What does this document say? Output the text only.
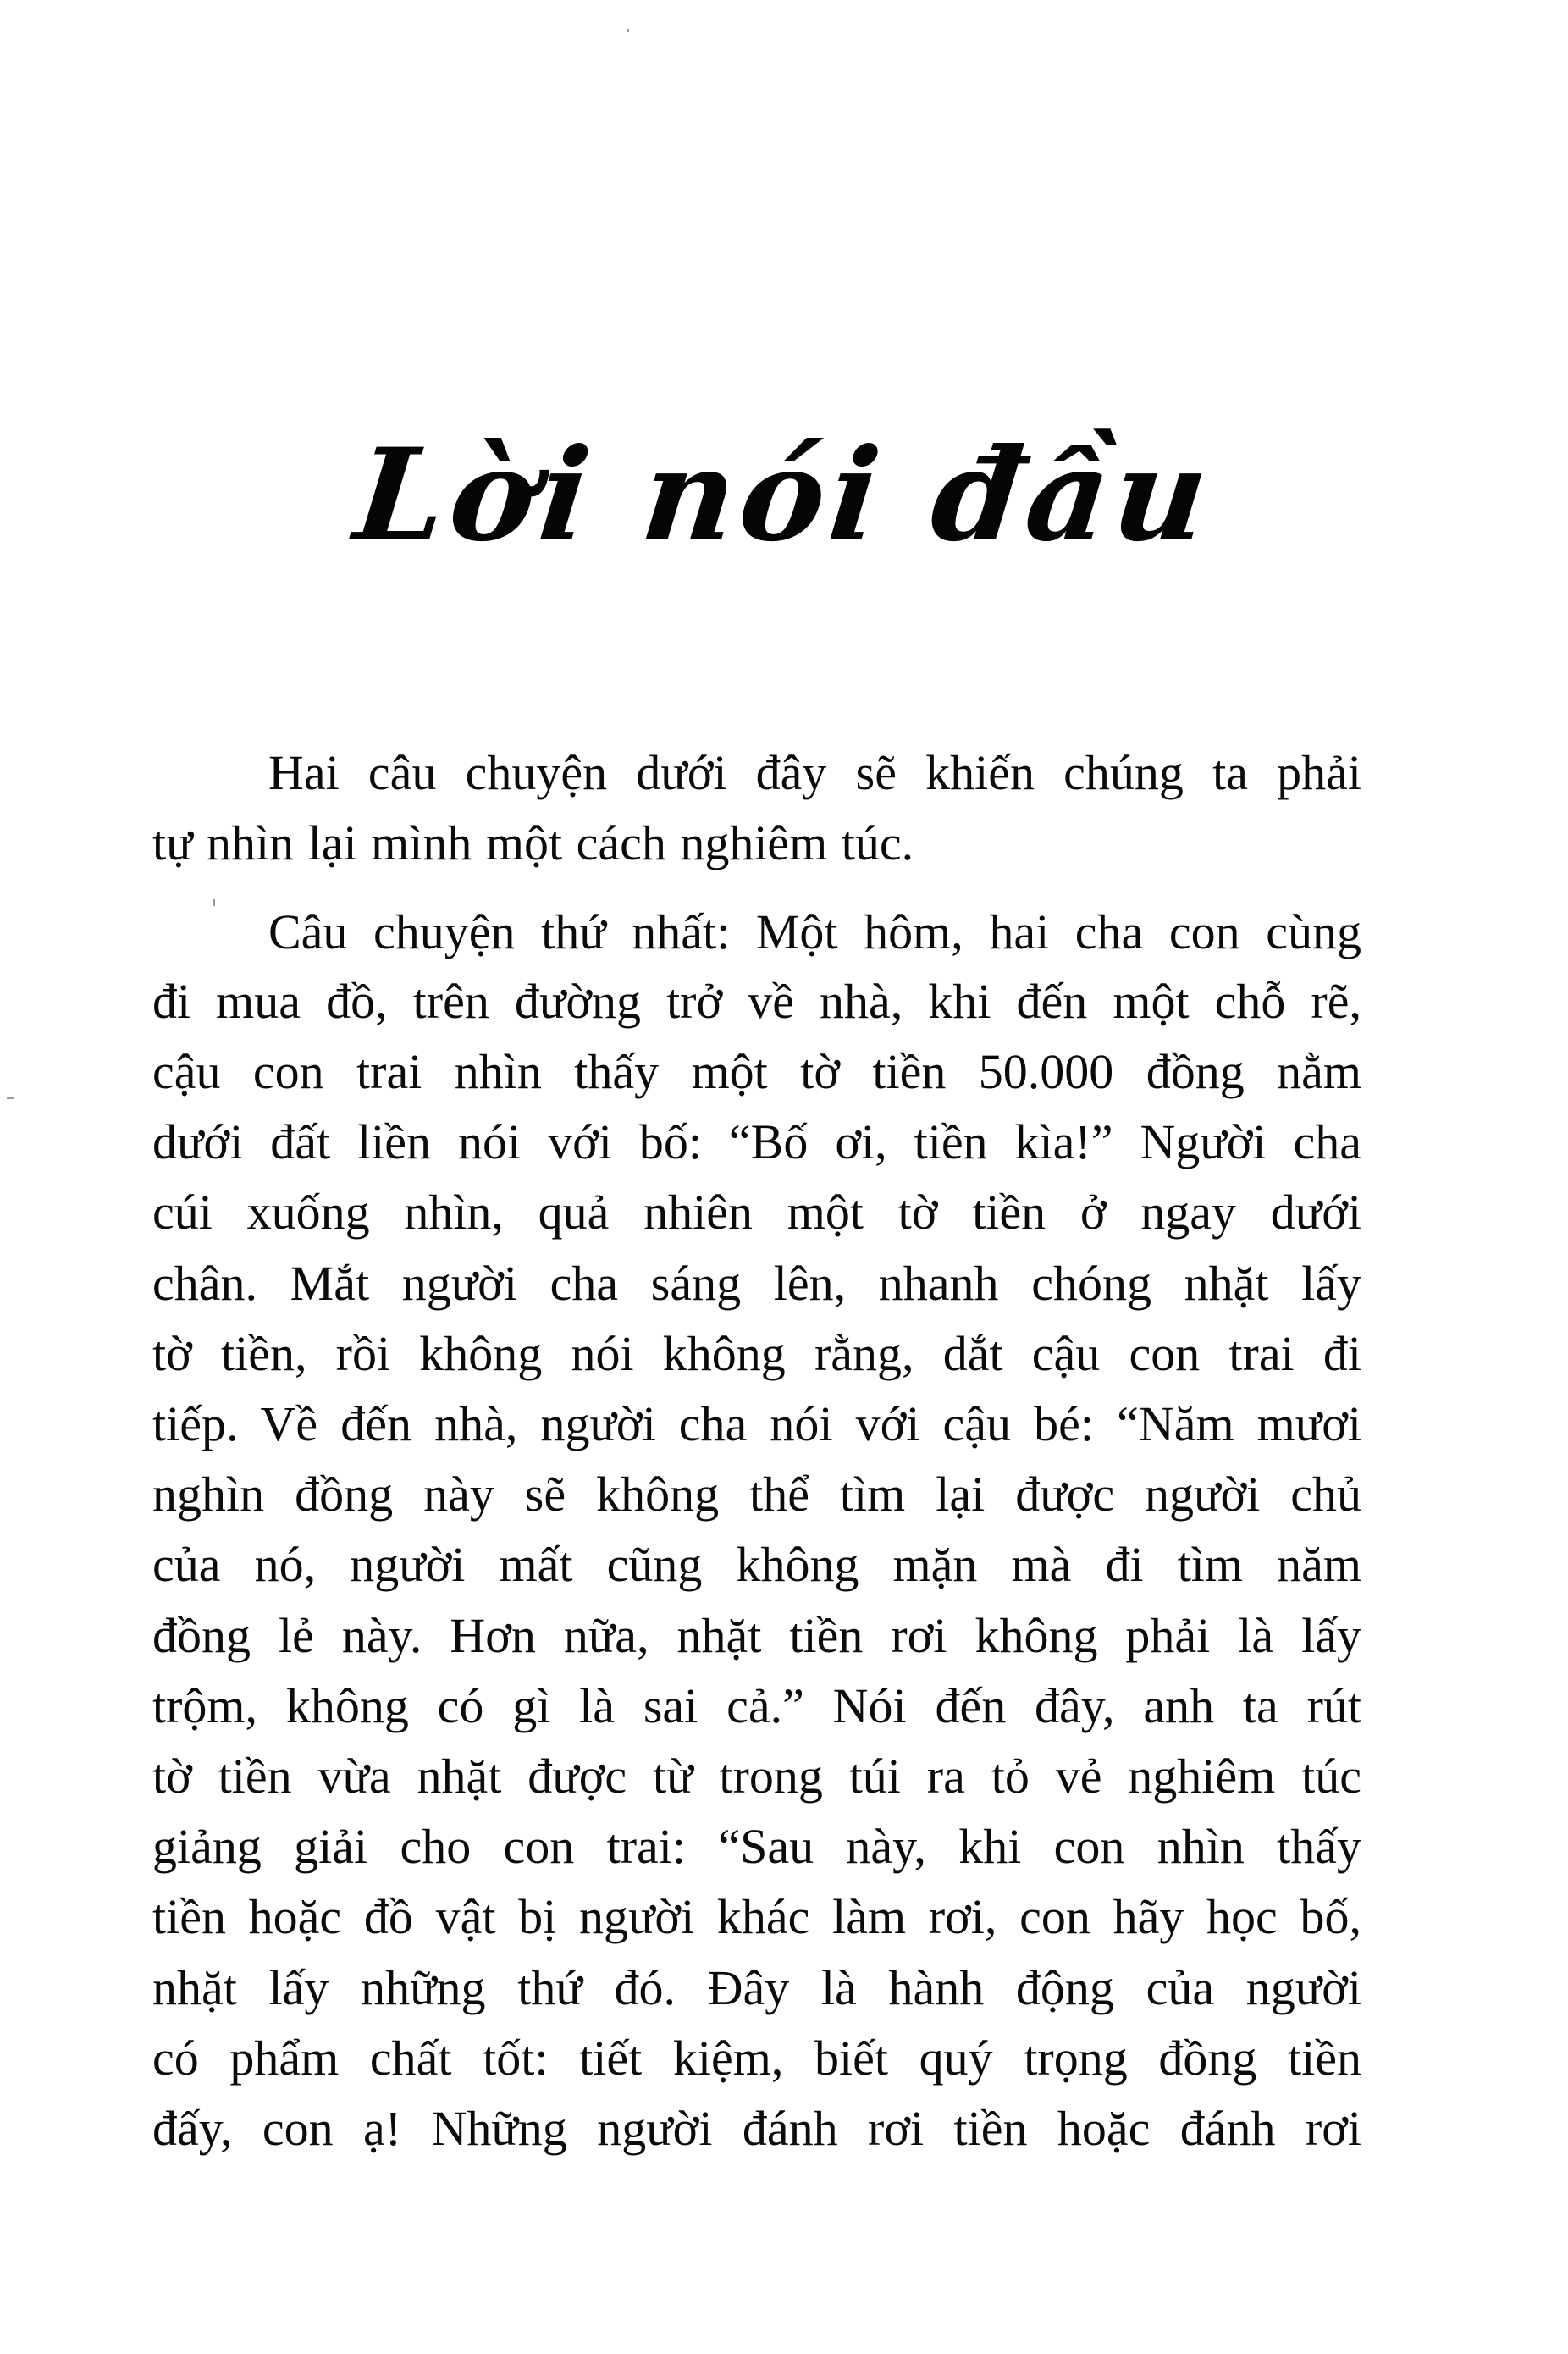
Lời nói đầu
Hai câu chuyện dưới đây sẽ khiến chúng ta phải
tự nhìn lại mình một cách nghiêm túc.
Câu chuyện thứ nhất: Một hôm, hai cha con cùng
đi mua đồ, trên đường trở về nhà, khi đến một chỗ rẽ,
cậu con trai nhìn thấy một tờ tiền 50.000 đồng nằm
dưới đất liền nói với bố: “Bố ơi, tiền kìa!” Người cha
cúi xuống nhìn, quả nhiên một tờ tiền ở ngay dưới
chân. Mắt người cha sáng lên, nhanh chóng nhặt lấy
tờ tiền, rồi không nói không rằng, dắt cậu con trai đi
tiếp. Về đến nhà, người cha nói với cậu bé: “Năm mươi
nghìn đồng này sẽ không thể tìm lại được người chủ
của nó, người mất cũng không mặn mà đi tìm năm
đồng lẻ này. Hơn nữa, nhặt tiền rơi không phải là lấy
trộm, không có gì là sai cả.” Nói đến đây, anh ta rút
tờ tiền vừa nhặt được từ trong túi ra tỏ vẻ nghiêm túc
giảng giải cho con trai: “Sau này, khi con nhìn thấy
tiền hoặc đồ vật bị người khác làm rơi, con hãy học bố,
nhặt lấy những thứ đó. Đây là hành động của người
có phẩm chất tốt: tiết kiệm, biết quý trọng đồng tiền
đấy, con ạ! Những người đánh rơi tiền hoặc đánh rơi
